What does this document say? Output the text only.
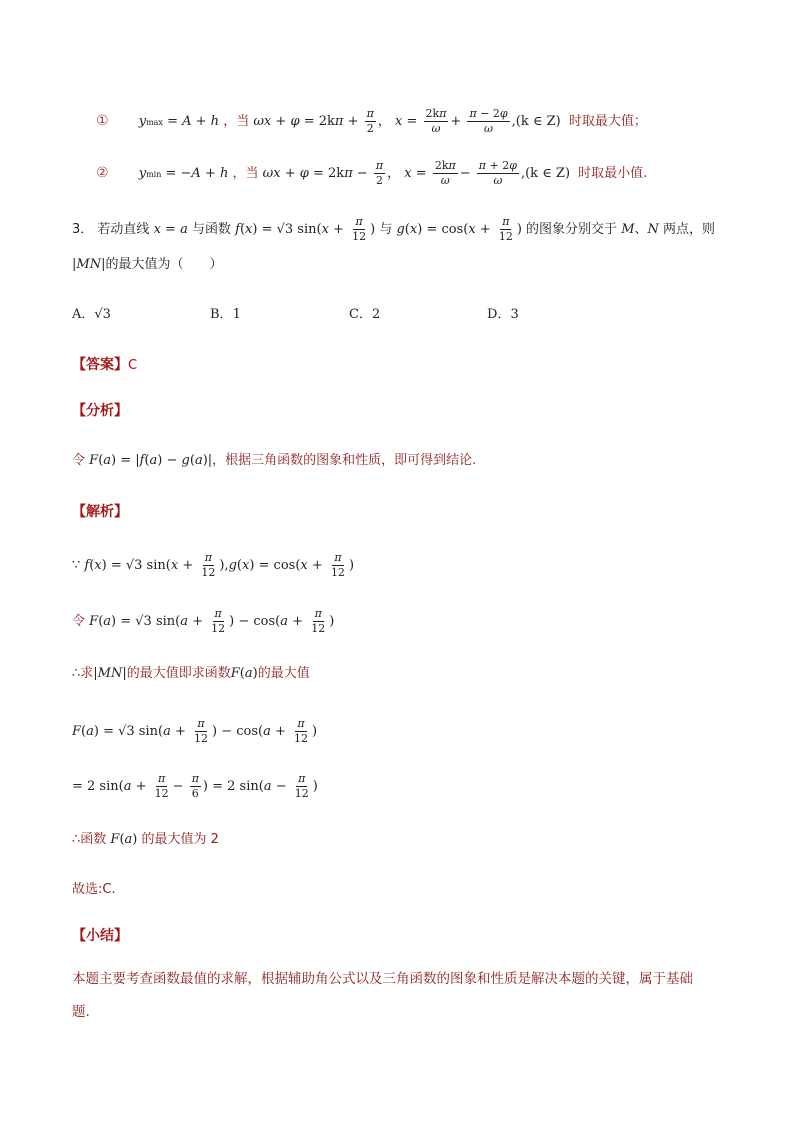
① ymax = A + h ，当 $\omega x + \varphi = 2k\pi + \frac{\pi}{2}$ ， $x = \frac{2k\pi}{\omega} + \frac{\pi - 2\varphi}{\omega} ,(k$ ∈ Z) 时取最大值；
② ymin = −A + h ，当 $\omega x + \varphi = 2k\pi - \frac{\pi}{2}$ ， $x = \frac{2k\pi}{\omega} - \frac{\pi + 2\varphi}{\omega} ,(k$ ∈ Z) 时取最小值.
3． 若动直线 x = a 与函数 f(x) = √3 $\sin(x + \frac{\pi}{12}$ ) 与 $g(x) = \cos(x + \frac{\pi}{12}$ ) 的图象分别交于 M、N 两点，则
|MN|的最大值为（　　）
A．√3	B．1	C．2	D．3
【答案】C
【分析】
令 F(a) = |f(a) − g(a)|，根据三角函数的图象和性质，即可得到结论.
【解析】
∵ f(x) = √3 $\sin(x + \frac{\pi}{12} ),g(x) = \cos(x + \frac{\pi}{12}$ )
令 F(a) = √3 $\sin(a + \frac{\pi}{12}$ ) − $\cos(a + \frac{\pi}{12}$ )
∴求|MN|的最大值即求函数F(a)的最大值
F(a) = √3 $\sin(a + \frac{\pi}{12}$ ) − $\cos(a + \frac{\pi}{12}$ )
= 2 $\sin(a + \frac{\pi}{12} - \frac{\pi}{6}$ ) = 2 $\sin(a - \frac{\pi}{12}$ )
∴函数 F(a) 的最大值为 2
故选:C.
【小结】
本题主要考查函数最值的求解，根据辅助角公式以及三角函数的图象和性质是解决本题的关键，属于基础
题.
